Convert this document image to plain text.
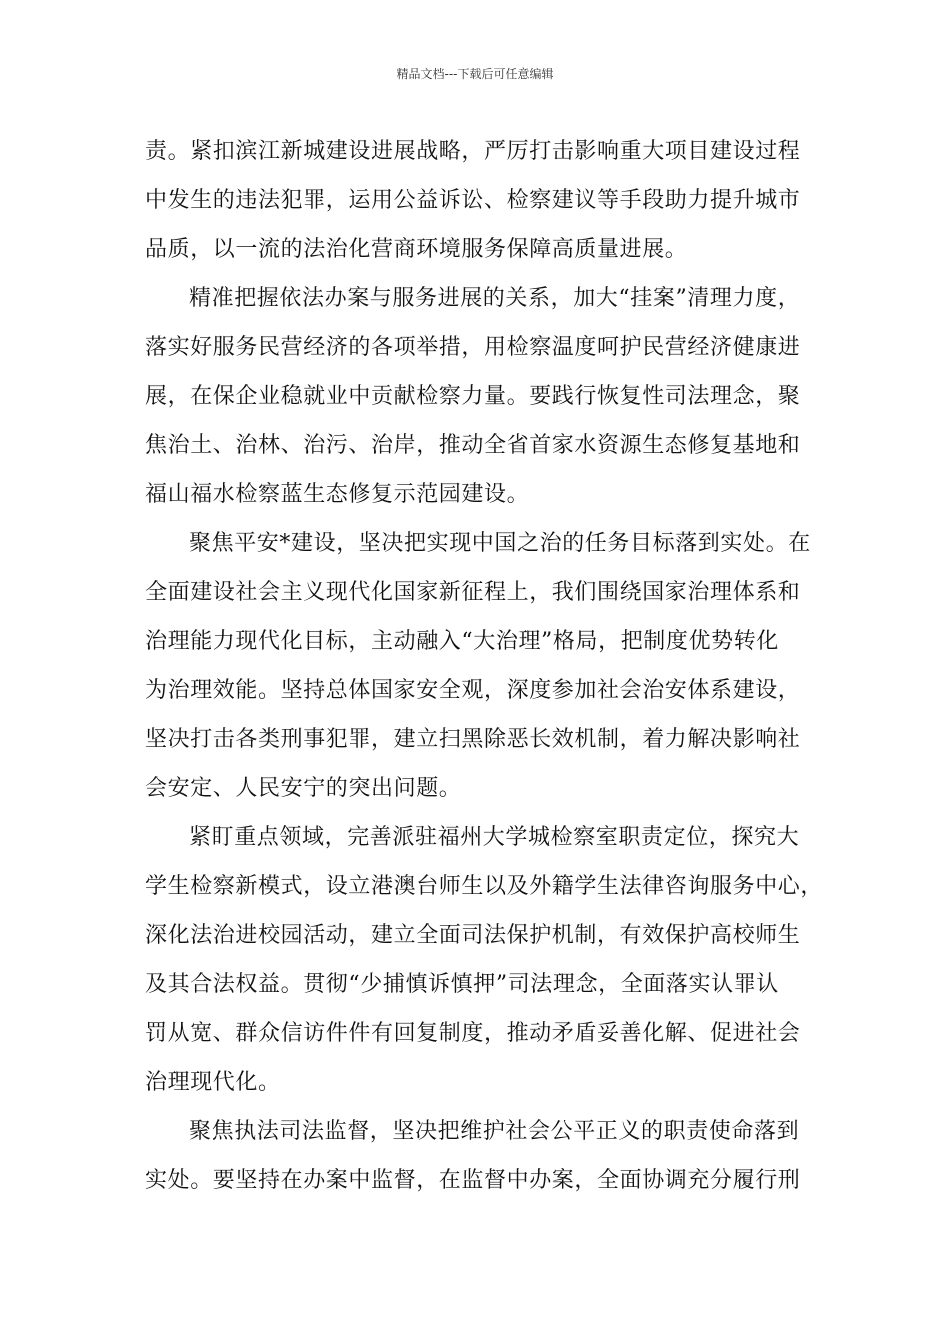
精品文档---下载后可任意编辑
责。紧扣滨江新城建设进展战略，严厉打击影响重大项目建设过程
中发生的违法犯罪，运用公益诉讼、检察建议等手段助力提升城市
品质，以一流的法治化营商环境服务保障高质量进展。
精准把握依法办案与服务进展的关系，加大“挂案”清理力度，
落实好服务民营经济的各项举措，用检察温度呵护民营经济健康进
展，在保企业稳就业中贡献检察力量。要践行恢复性司法理念，聚
焦治土、治林、治污、治岸，推动全省首家水资源生态修复基地和
福山福水检察蓝生态修复示范园建设。
聚焦平安*建设，坚决把实现中国之治的任务目标落到实处。在
全面建设社会主义现代化国家新征程上，我们围绕国家治理体系和
治理能力现代化目标，主动融入“大治理”格局，把制度优势转化
为治理效能。坚持总体国家安全观，深度参加社会治安体系建设，
坚决打击各类刑事犯罪，建立扫黑除恶长效机制，着力解决影响社
会安定、人民安宁的突出问题。
紧盯重点领域，完善派驻福州大学城检察室职责定位，探究大
学生检察新模式，设立港澳台师生以及外籍学生法律咨询服务中心，
深化法治进校园活动，建立全面司法保护机制，有效保护高校师生
及其合法权益。贯彻“少捕慎诉慎押”司法理念，全面落实认罪认
罚从宽、群众信访件件有回复制度，推动矛盾妥善化解、促进社会
治理现代化。
聚焦执法司法监督，坚决把维护社会公平正义的职责使命落到
实处。要坚持在办案中监督，在监督中办案，全面协调充分履行刑
